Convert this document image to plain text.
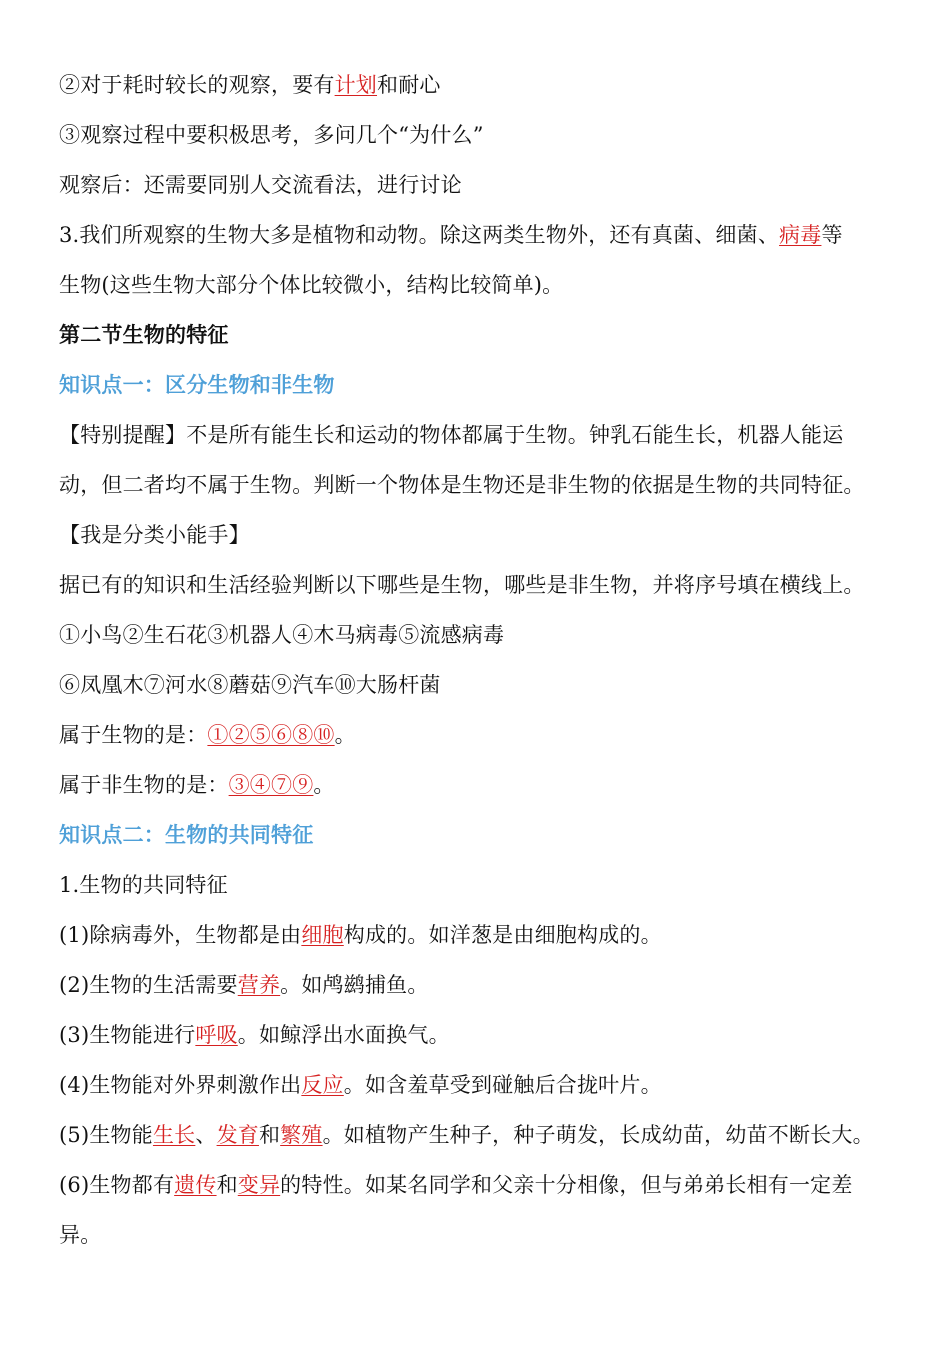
②对于耗时较长的观察，要有计划和耐心
③观察过程中要积极思考，多问几个“为什么”
观察后：还需要同别人交流看法，进行讨论
3.我们所观察的生物大多是植物和动物。除这两类生物外，还有真菌、细菌、病毒等
生物(这些生物大部分个体比较微小，结构比较简单)。
第二节生物的特征
知识点一：区分生物和非生物
【特别提醒】不是所有能生长和运动的物体都属于生物。钟乳石能生长，机器人能运
动，但二者均不属于生物。判断一个物体是生物还是非生物的依据是生物的共同特征。
【我是分类小能手】
据已有的知识和生活经验判断以下哪些是生物，哪些是非生物，并将序号填在横线上。
①小鸟②生石花③机器人④木马病毒⑤流感病毒
⑥凤凰木⑦河水⑧蘑菇⑨汽车⑩大肠杆菌
属于生物的是：①②⑤⑥⑧⑩。
属于非生物的是：③④⑦⑨。
知识点二：生物的共同特征
1.生物的共同特征
(1)除病毒外，生物都是由细胞构成的。如洋葱是由细胞构成的。
(2)生物的生活需要营养。如鸬鹚捕鱼。
(3)生物能进行呼吸。如鲸浮出水面换气。
(4)生物能对外界刺激作出反应。如含羞草受到碰触后合拢叶片。
(5)生物能生长、发育和繁殖。如植物产生种子，种子萌发，长成幼苗，幼苗不断长大。
(6)生物都有遗传和变异的特性。如某名同学和父亲十分相像，但与弟弟长相有一定差
异。
